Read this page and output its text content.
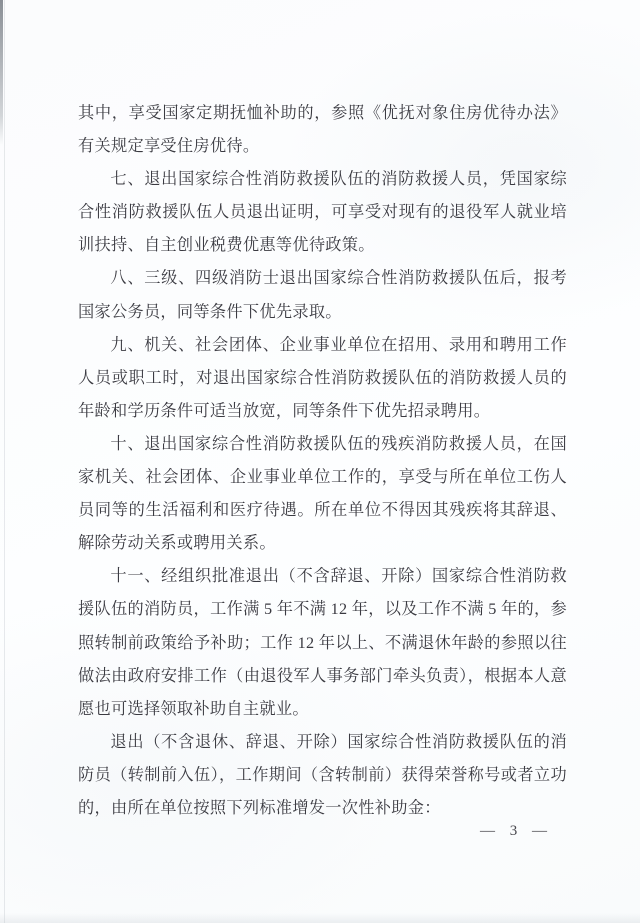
其中，享受国家定期抚恤补助的，参照《优抚对象住房优待办法》有关规定享受住房优待。

七、退出国家综合性消防救援队伍的消防救援人员，凭国家综合性消防救援队伍人员退出证明，可享受对现有的退役军人就业培训扶持、自主创业税费优惠等优待政策。

八、三级、四级消防士退出国家综合性消防救援队伍后，报考国家公务员，同等条件下优先录取。

九、机关、社会团体、企业事业单位在招用、录用和聘用工作人员或职工时，对退出国家综合性消防救援队伍的消防救援人员的年龄和学历条件可适当放宽，同等条件下优先招录聘用。

十、退出国家综合性消防救援队伍的残疾消防救援人员，在国家机关、社会团体、企业事业单位工作的，享受与所在单位工伤人员同等的生活福利和医疗待遇。所在单位不得因其残疾将其辞退、解除劳动关系或聘用关系。

十一、经组织批准退出（不含辞退、开除）国家综合性消防救援队伍的消防员，工作满 5 年不满 12 年，以及工作不满 5 年的，参照转制前政策给予补助；工作 12 年以上、不满退休年龄的参照以往做法由政府安排工作（由退役军人事务部门牵头负责），根据本人意愿也可选择领取补助自主就业。

退出（不含退休、辞退、开除）国家综合性消防救援队伍的消防员（转制前入伍），工作期间（含转制前）获得荣誉称号或者立功的，由所在单位按照下列标准增发一次性补助金：

— 3 —
